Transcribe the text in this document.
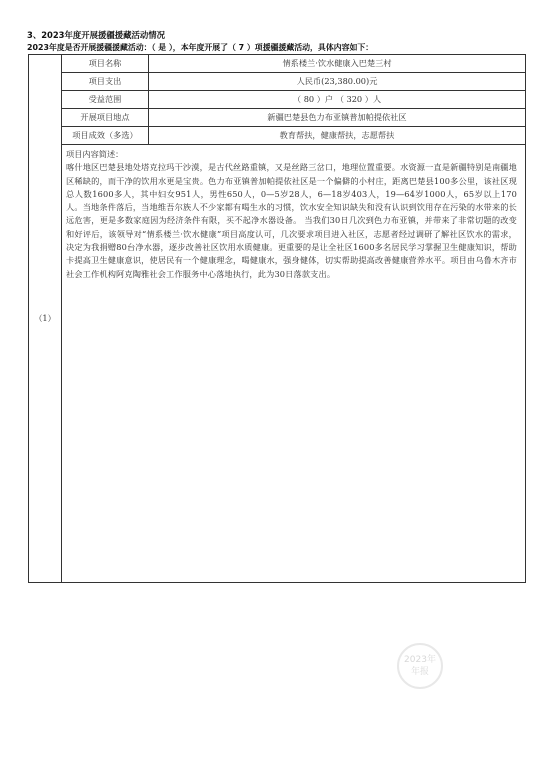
3、2023年度开展援疆援藏活动情况
2023年度是否开展援疆援藏活动：（ 是 ），本年度开展了（ 7 ）项援疆援藏活动，具体内容如下：
（1）	项目名称	情系楼兰·饮水健康入巴楚三村
	项目支出	人民币(23,380.00)元
	受益范围	（ 80 ）户 （ 320 ）人
	开展项目地点	新疆巴楚县色力布亚镇普加帕提依社区
	项目成效（多选）	教育帮扶，健康帮扶，志愿帮扶

	项目内容简述：
喀什地区巴楚县地处塔克拉玛干沙漠，是古代丝路重镇，又是丝路三岔口，地理位置重要。水资源一直是新疆特别是南疆地区稀缺的，而干净的饮用水更是宝贵。色力布亚镇普加帕提依社区是一个偏僻的小村庄，距离巴楚县100多公里，该社区现总人数1600多人，其中妇女951人，男性650人，0—5岁28人，6—18岁403人，19—64岁1000人，65岁以上170人。当地条件落后，当地维吾尔族人不少家都有喝生水的习惯，饮水安全知识缺失和没有认识到饮用存在污染的水带来的长远危害，更是多数家庭因为经济条件有限，买不起净水器设备。 当我们30日几次到色力布亚镇，并带来了非常切题的改变和好评后，该领导对“情系楼兰·饮水健康”项目高度认可，几次要求项目进入社区，志愿者经过调研了解社区饮水的需求，决定为我捐赠80台净水器，逐步改善社区饮用水质健康。更重要的是让全社区1600多名居民学习掌握卫生健康知识，帮助卡提高卫生健康意识，使居民有一个健康理念，喝健康水，强身健体，切实帮助提高改善健康营养水平。项目由乌鲁木齐市社会工作机构阿克陶雅社会工作服务中心落地执行，此为30日落款支出。	
2023年
年报
